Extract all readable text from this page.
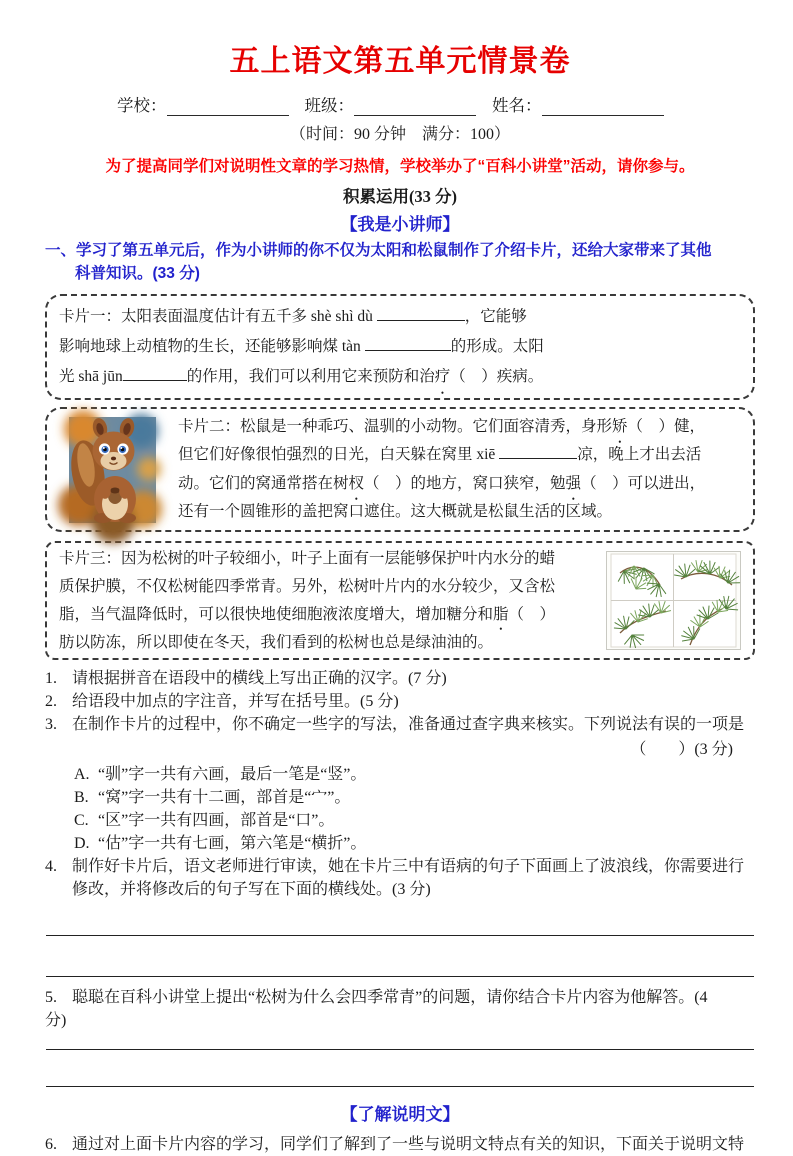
五上语文第五单元情景卷
学校：	班级：	姓名：
（时间：90 分钟　满分：100）
为了提高同学们对说明性文章的学习热情，学校举办了“百科小讲堂”活动，请你参与。
积累运用(33 分)
【我是小讲师】
一、学习了第五单元后，作为小讲师的你不仅为太阳和松鼠制作了介绍卡片，还给大家带来了其他
科普知识。(33 分)
卡片一：太阳表面温度估计有五千多 shè shì dù	，它能够
影响地球上动植物的生长，还能够影响煤 tàn	的形成。太阳
光 shā jūn	的作用，我们可以利用它来预防和治疗（　）疾病。
卡片二：松鼠是一种乖巧、温驯的小动物。它们面容清秀，身形矫（　）健，
但它们好像很怕强烈的日光，白天躲在窝里 xiē	凉，晚上才出去活
动。它们的窝通常搭在树杈（　）的地方，窝口狭窄，勉强（　）可以进出，
还有一个圆锥形的盖把窝口遮住。这大概就是松鼠生活的区域。
卡片三：因为松树的叶子较细小，叶子上面有一层能够保护叶内水分的蜡
质保护膜，不仅松树能四季常青。另外，松树叶片内的水分较少，又含松
脂，当气温降低时，可以很快地使细胞液浓度增大，增加糖分和脂（　）
肪以防冻，所以即使在冬天，我们看到的松树也总是绿油油的。
1. 请根据拼音在语段中的横线上写出正确的汉字。(7 分)
2. 给语段中加点的字注音，并写在括号里。(5 分)
3. 在制作卡片的过程中，你不确定一些字的写法，准备通过查字典来核实。下列说法有误的一项是
（　　）(3 分)
A. “驯”字一共有六画，最后一笔是“竖”。
B. “窝”字一共有十二画，部首是“宀”。
C. “区”字一共有四画，部首是“口”。
D. “估”字一共有七画，第六笔是“横折”。
4. 制作好卡片后，语文老师进行审读，她在卡片三中有语病的句子下面画上了波浪线，你需要进行
修改，并将修改后的句子写在下面的横线处。(3 分)
5. 聪聪在百科小讲堂上提出“松树为什么会四季常青”的问题，请你结合卡片内容为他解答。(4
分)
【了解说明文】
6. 通过对上面卡片内容的学习，同学们了解到了一些与说明文特点有关的知识，下面关于说明文特
